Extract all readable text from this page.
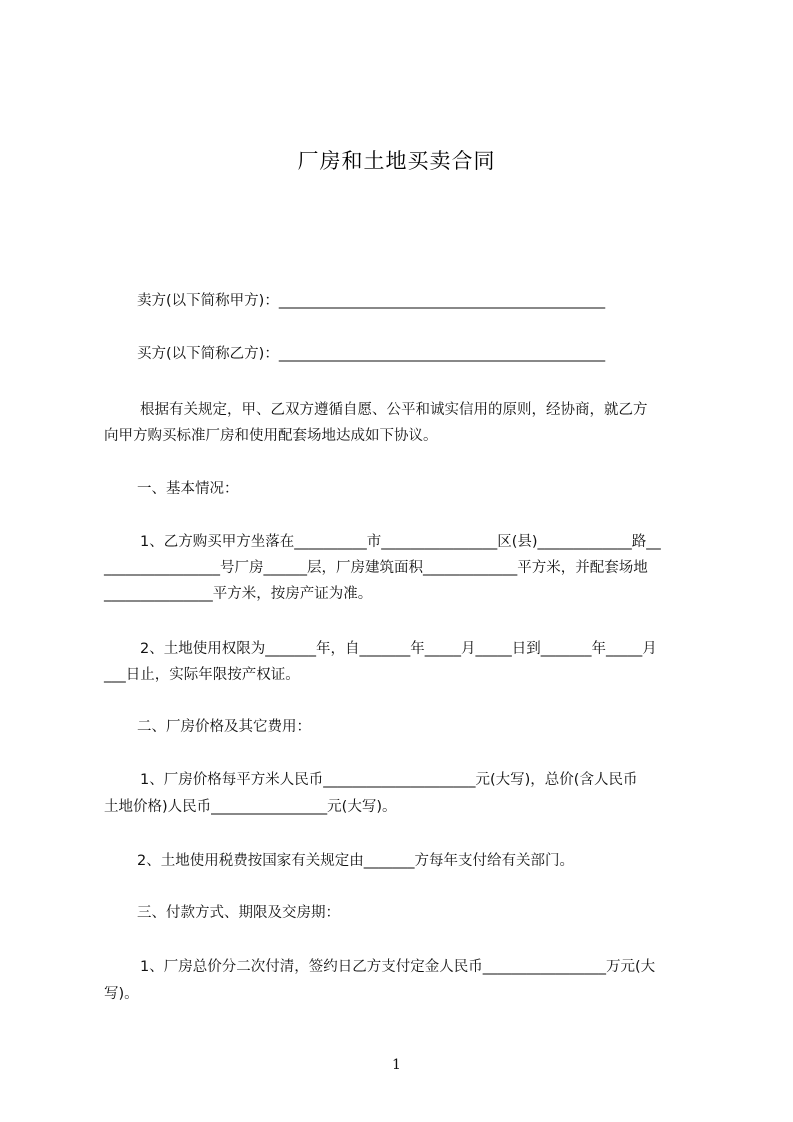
厂房和土地买卖合同
卖方(以下简称甲方)：_____________________________________________
买方(以下简称乙方)：_____________________________________________
根据有关规定，甲、乙双方遵循自愿、公平和诚实信用的原则，经协商，就乙方
向甲方购买标准厂房和使用配套场地达成如下协议。
一、基本情况：
1、乙方购买甲方坐落在__________市________________区(县)_____________路__
________________号厂房______层，厂房建筑面积_____________平方米，并配套场地
_______________平方米，按房产证为准。
2、土地使用权限为_______年，自_______年_____月_____日到_______年_____月
___日止，实际年限按产权证。
二、厂房价格及其它费用：
1、厂房价格每平方米人民币_____________________元(大写)，总价(含人民币
土地价格)人民币________________元(大写)。
2、土地使用税费按国家有关规定由_______方每年支付给有关部门。
三、付款方式、期限及交房期：
1、厂房总价分二次付清，签约日乙方支付定金人民币_________________万元(大
写)。
1
